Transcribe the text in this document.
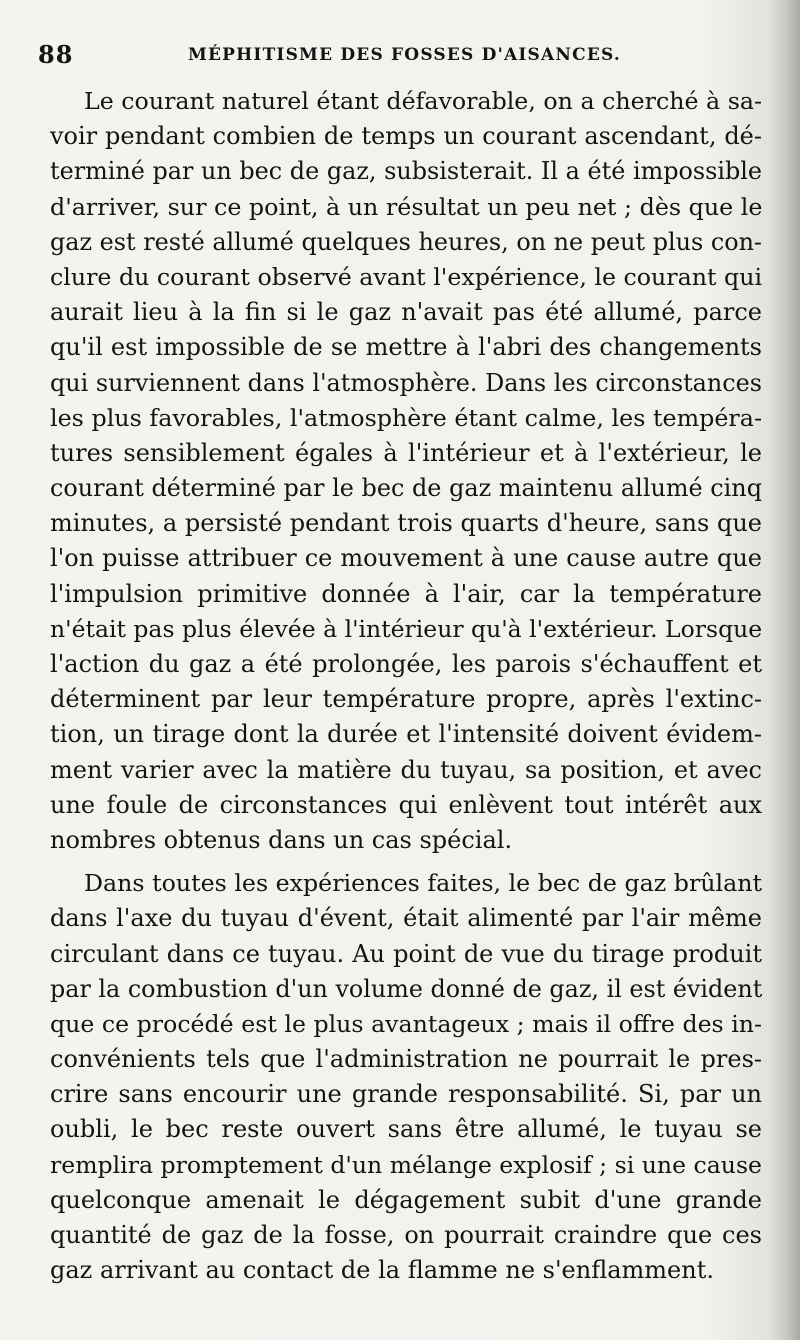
88	MÉPHITISME DES FOSSES D'AISANCES.
Le courant naturel étant défavorable, on a cherché à sa-
voir pendant combien de temps un courant ascendant, dé-
terminé par un bec de gaz, subsisterait. Il a été impossible
d'arriver, sur ce point, à un résultat un peu net ; dès que le
gaz est resté allumé quelques heures, on ne peut plus con-
clure du courant observé avant l'expérience, le courant qui
aurait lieu à la fin si le gaz n'avait pas été allumé, parce
qu'il est impossible de se mettre à l'abri des changements
qui surviennent dans l'atmosphère. Dans les circonstances
les plus favorables, l'atmosphère étant calme, les tempéra-
tures sensiblement égales à l'intérieur et à l'extérieur, le
courant déterminé par le bec de gaz maintenu allumé cinq
minutes, a persisté pendant trois quarts d'heure, sans que
l'on puisse attribuer ce mouvement à une cause autre que
l'impulsion primitive donnée à l'air, car la température
n'était pas plus élevée à l'intérieur qu'à l'extérieur. Lorsque
l'action du gaz a été prolongée, les parois s'échauffent et
déterminent par leur température propre, après l'extinc-
tion, un tirage dont la durée et l'intensité doivent évidem-
ment varier avec la matière du tuyau, sa position, et avec
une foule de circonstances qui enlèvent tout intérêt aux
nombres obtenus dans un cas spécial.
Dans toutes les expériences faites, le bec de gaz brûlant
dans l'axe du tuyau d'évent, était alimenté par l'air même
circulant dans ce tuyau. Au point de vue du tirage produit
par la combustion d'un volume donné de gaz, il est évident
que ce procédé est le plus avantageux ; mais il offre des in-
convénients tels que l'administration ne pourrait le pres-
crire sans encourir une grande responsabilité. Si, par un
oubli, le bec reste ouvert sans être allumé, le tuyau se
remplira promptement d'un mélange explosif ; si une cause
quelconque amenait le dégagement subit d'une grande
quantité de gaz de la fosse, on pourrait craindre que ces
gaz arrivant au contact de la flamme ne s'enflamment.
